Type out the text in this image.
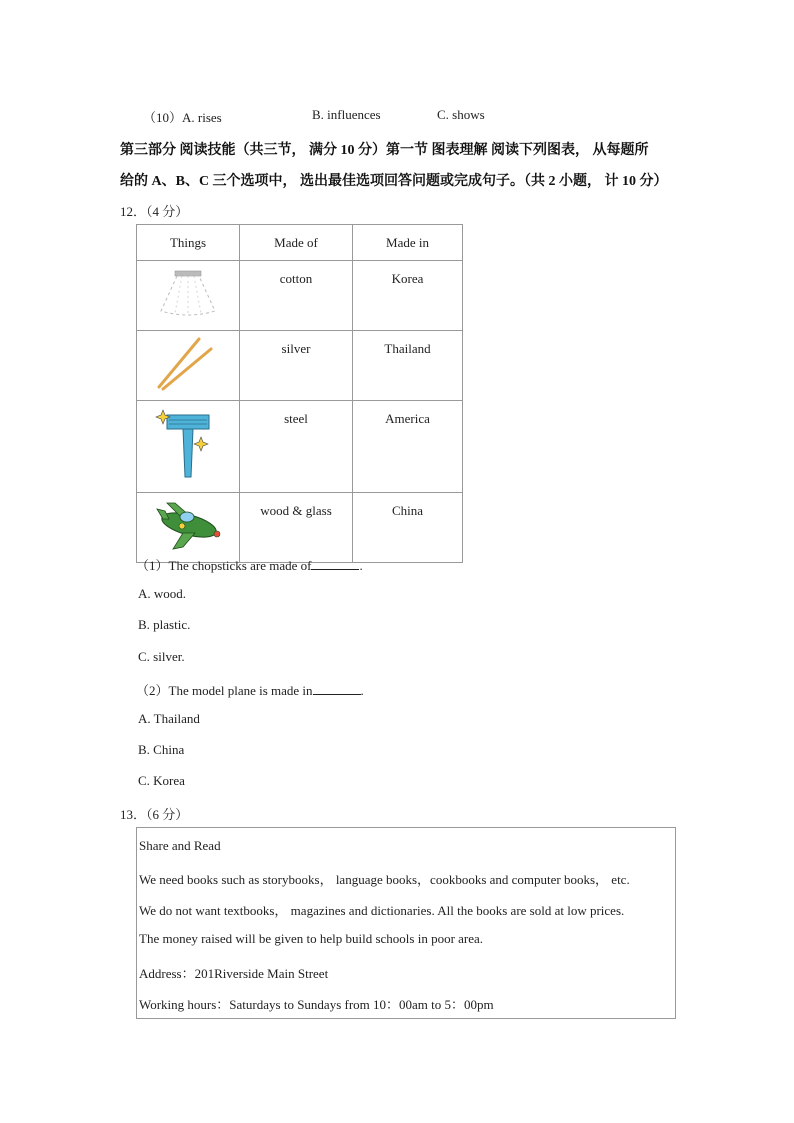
（10）A. rises	B. influences	C. shows
第三部分 阅读技能（共三节， 满分 10 分）第一节 图表理解 阅读下列图表， 从每题所
给的 A、B、C 三个选项中， 选出最佳选项回答问题或完成句子。（共 2 小题， 计 10 分）
12．（4 分）
Things	Made of	Made in

cotton	Korea

silver	Thailand

steel	America

wood & glass	China
（1）The chopsticks are made of	.
A. wood.
B. plastic.
C. silver.
（2）The model plane is made in	.
A. Thailand
B. China
C. Korea
13．（6 分）
Share and Read
We need books such as storybooks， language books，cookbooks and computer books， etc.
We do not want textbooks， magazines and dictionaries. All the books are sold at low prices.
The money raised will be given to help build schools in poor area.
Address：201Riverside Main Street
Working hours：Saturdays to Sundays from 10：00am to 5：00pm
